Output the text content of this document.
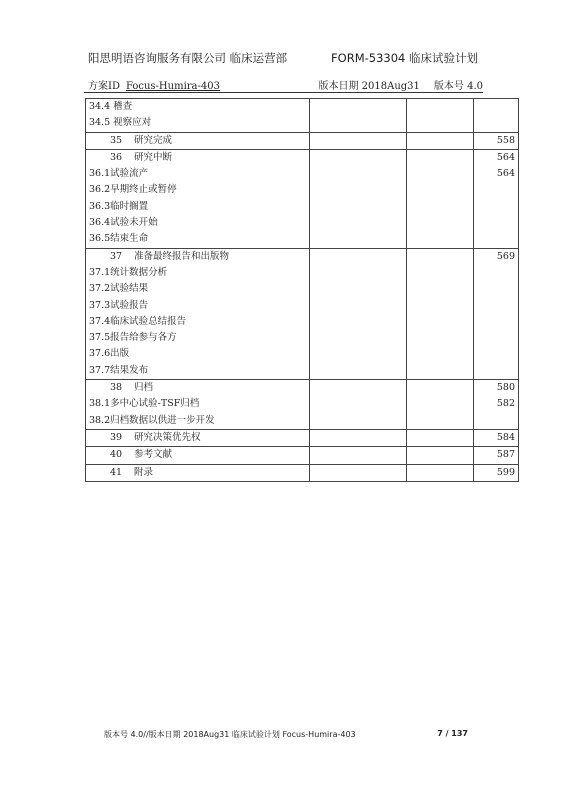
阳思明语咨询服务有限公司 临床运营部	FORM-53304 临床试验计划
方案ID Focus-Humira-403	版本日期
2018Aug31 版本号
4.0
34.4 稽查			
34.5 视察应对			
35 研究完成			558
36 研究中断			564
36.1试验流产			564
36.2早期终止或暂停			
36.3临时搁置			
36.4试验未开始			
36.5结束生命			
37 准备最终报告和出版物			569
37.1统计数据分析			
37.2试验结果			
37.3试验报告			
37.4临床试验总结报告			
37.5报告给参与各方			
37.6出版			
37.7结果发布			
38 归档			580
38.1多中心试验-TSF归档			582
38.2归档数据以供进一步开发			
39 研究决策优先权			584
40 参考文献			587
41 附录			599
版本号 4.0//版本日期 2018Aug31 临床试验计划 Focus-Humira-403	7 / 137
